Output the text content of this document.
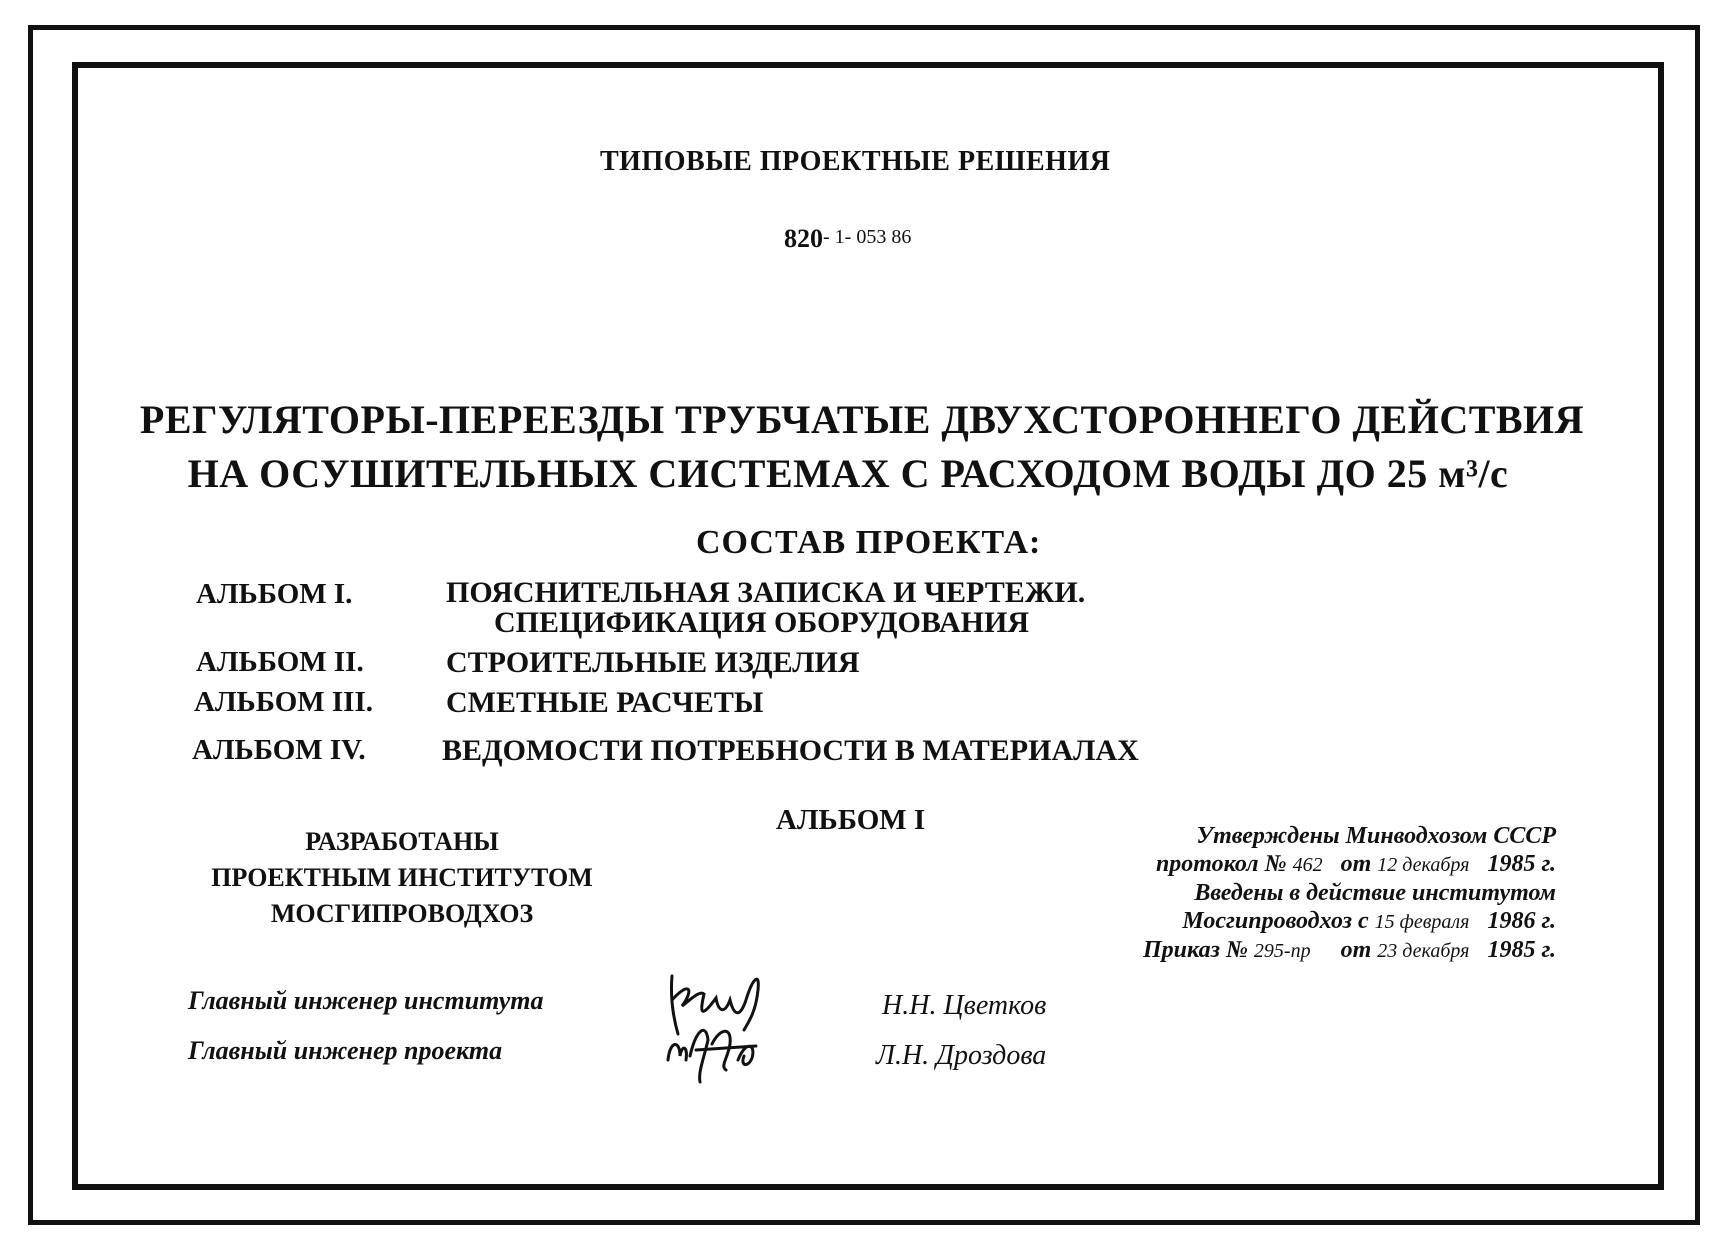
ТИПОВЫЕ ПРОЕКТНЫЕ РЕШЕНИЯ
820- 1- 053 86
РЕГУЛЯТОРЫ-ПЕРЕЕЗДЫ ТРУБЧАТЫЕ ДВУХСТОРОННЕГО ДЕЙСТВИЯ
НА ОСУШИТЕЛЬНЫХ СИСТЕМАХ С РАСХОДОМ ВОДЫ ДО 25 м³/с
СОСТАВ ПРОЕКТА:
АЛЬБОМ I.	ПОЯСНИТЕЛЬНАЯ ЗАПИСКА И ЧЕРТЕЖИ.
СПЕЦИФИКАЦИЯ ОБОРУДОВАНИЯ
АЛЬБОМ II.	СТРОИТЕЛЬНЫЕ ИЗДЕЛИЯ
АЛЬБОМ III. СМЕТНЫЕ РАСЧЕТЫ
АЛЬБОМ IV.	ВЕДОМОСТИ ПОТРЕБНОСТИ В МАТЕРИАЛАХ
АЛЬБОМ I
РАЗРАБОТАНЫ
ПРОЕКТНЫМ ИНСТИТУТОМ
МОСГИПРОВОДХОЗ
Утверждены Минводхозом СССР
протокол № 462 от 12 декабря 1985 г.
Введены в действие институтом
Мосгипроводхоз с 15 февраля 1986 г.
Приказ № 295-пр от 23 декабря 1985 г.
Главный инженер института
Главный инженер проекта
Н.Н. Цветков
Л.Н. Дроздова
